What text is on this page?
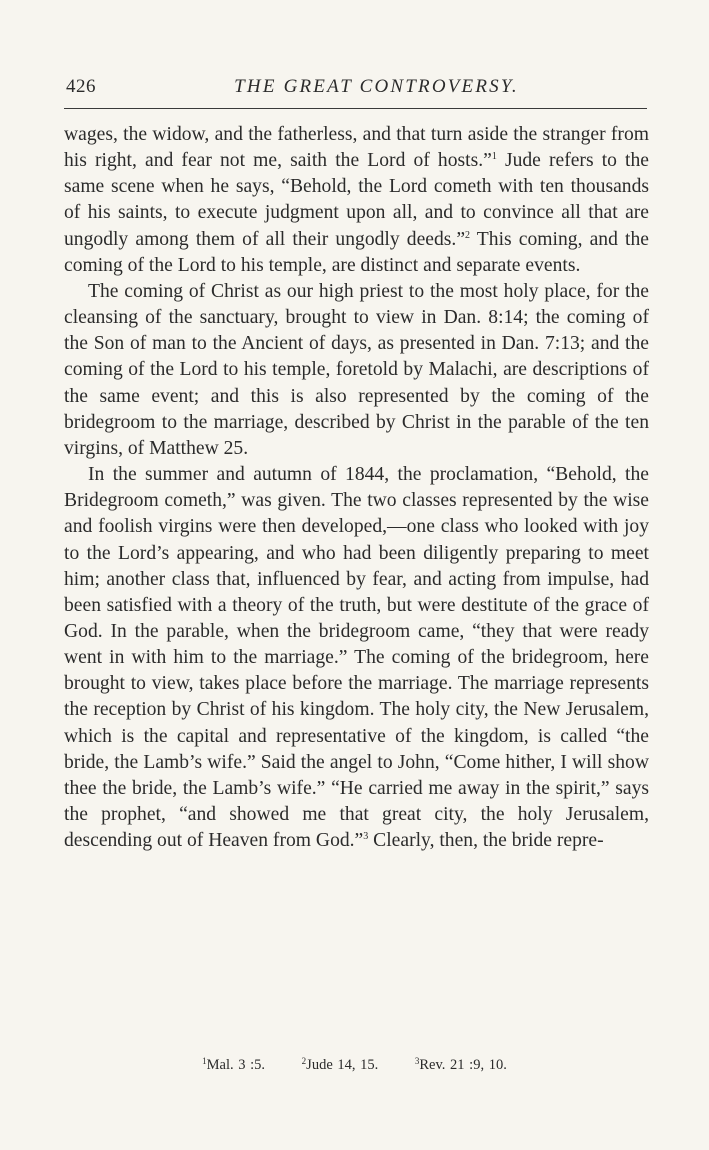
426	THE GREAT CONTROVERSY.

wages, the widow, and the fatherless, and that turn aside the stranger from his right, and fear not me, saith the Lord of hosts.”$^1$ Jude refers to the same scene when he says, “Behold, the Lord cometh with ten thousands of his saints, to execute judgment upon all, and to convince all that are ungodly among them of all their ungodly deeds.”$^2$ This coming, and the coming of the Lord to his temple, are distinct and separate events.

The coming of Christ as our high priest to the most holy place, for the cleansing of the sanctuary, brought to view in Dan. 8:14; the coming of the Son of man to the Ancient of days, as presented in Dan. 7:13; and the coming of the Lord to his temple, foretold by Malachi, are descriptions of the same event; and this is also represented by the coming of the bridegroom to the marriage, described by Christ in the parable of the ten virgins, of Matthew 25.

In the summer and autumn of 1844, the proclamation, “Behold, the Bridegroom cometh,” was given. The two classes represented by the wise and foolish virgins were then developed,—one class who looked with joy to the Lord’s appearing, and who had been diligently preparing to meet him; another class that, influenced by fear, and acting from impulse, had been satisfied with a theory of the truth, but were destitute of the grace of God. In the parable, when the bridegroom came, “they that were ready went in with him to the marriage.” The coming of the bridegroom, here brought to view, takes place before the marriage. The marriage represents the reception by Christ of his kingdom. The holy city, the New Jerusalem, which is the capital and representative of the kingdom, is called “the bride, the Lamb’s wife.” Said the angel to John, “Come hither, I will show thee the bride, the Lamb’s wife.” “He carried me away in the spirit,” says the prophet, “and showed me that great city, the holy Jerusalem, descending out of Heaven from God.”$^3$ Clearly, then, the bride repre-

$^1$Mal. 3 :5.	$^2$Jude 14, 15.	$^3$Rev. 21 :9, 10.
